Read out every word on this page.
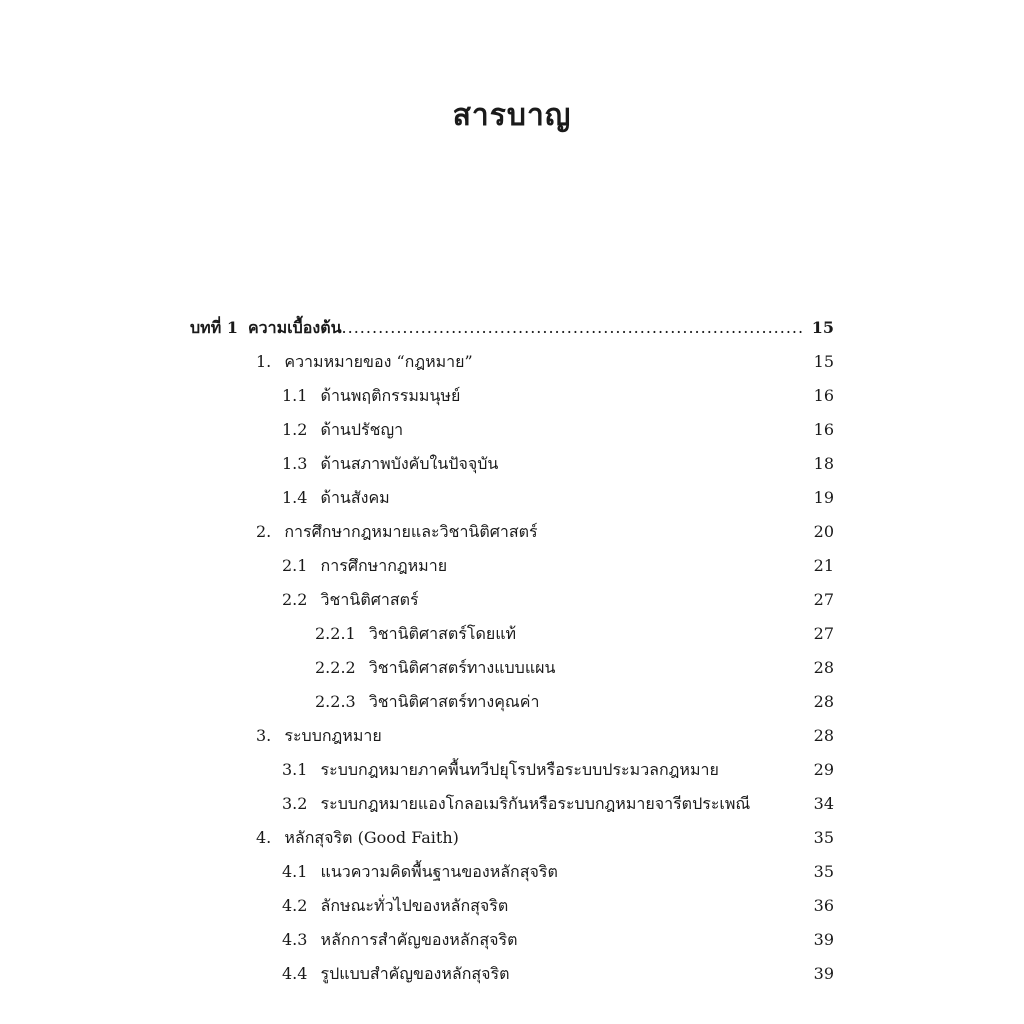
สารบาญ
บทที่ 1 ความเบื้องต้น .....	15
1. ความหมายของ “กฎหมาย”	15
1.1 ด้านพฤติกรรมมนุษย์	16
1.2 ด้านปรัชญา	16
1.3 ด้านสภาพบังคับในปัจจุบัน	18
1.4 ด้านสังคม	19
2. การศึกษากฎหมายและวิชานิติศาสตร์	20
2.1 การศึกษากฎหมาย	21
2.2 วิชานิติศาสตร์	27
2.2.1 วิชานิติศาสตร์โดยแท้	27
2.2.2 วิชานิติศาสตร์ทางแบบแผน	28
2.2.3 วิชานิติศาสตร์ทางคุณค่า	28
3. ระบบกฎหมาย	28
3.1 ระบบกฎหมายภาคพื้นทวีปยุโรปหรือระบบประมวลกฎหมาย	29
3.2 ระบบกฎหมายแองโกลอเมริกันหรือระบบกฎหมายจารีตประเพณี	34
4. หลักสุจริต (Good Faith)	35
4.1 แนวความคิดพื้นฐานของหลักสุจริต	35
4.2 ลักษณะทั่วไปของหลักสุจริต	36
4.3 หลักการสำคัญของหลักสุจริต	39
4.4 รูปแบบสำคัญของหลักสุจริต	39
